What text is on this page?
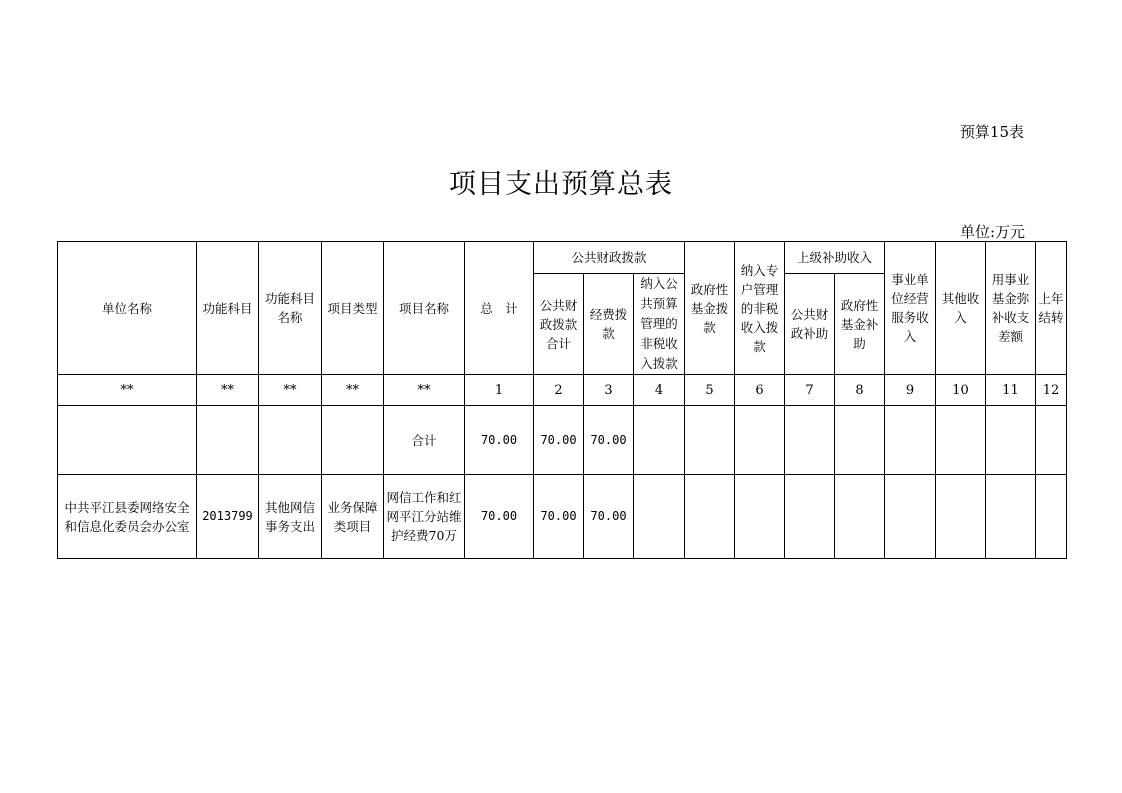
预算15表
项目支出预算总表
单位:万元
单位名称	功能科目	功能科目名称	项目类型	项目名称	总　计	公共财政拨款			政府性基金拨款	纳入专户管理的非税收入拨款	上级补助收入		事业单位经营服务收入	其他收入	用事业基金弥补收支差额	上年结转
						公共财政拨款合计	经费拨款	纳入公共预算管理的非税收入拨款			公共财政补助	政府性基金补助				
**	**	**	**	**	1	2	3	4	5	6	7	8	9	10	11	12
				合计	70.00	70.00	70.00									
中共平江县委网络安全和信息化委员会办公室	2013799	其他网信事务支出	业务保障类项目	网信工作和红网平江分站维护经费70万	70.00	70.00	70.00									
